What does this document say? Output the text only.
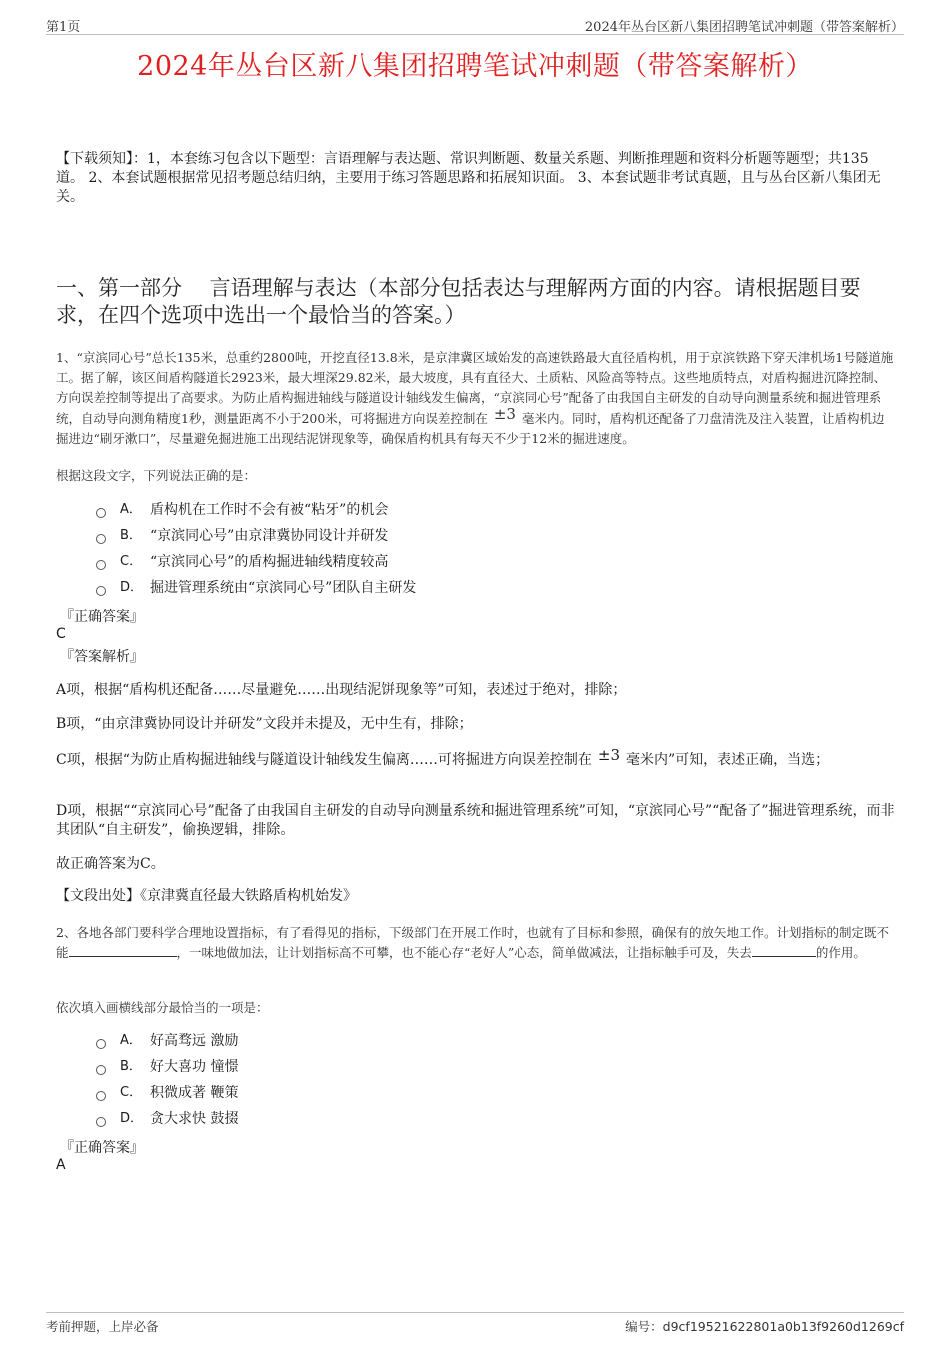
第1页	2024年丛台区新八集团招聘笔试冲刺题（带答案解析）
2024年丛台区新八集团招聘笔试冲刺题（带答案解析）
【下载须知】：1，本套练习包含以下题型：言语理解与表达题、常识判断题、数量关系题、判断推理题和资料分析题等题型；共135道。 2、本套试题根据常见招考题总结归纳，主要用于练习答题思路和拓展知识面。 3、本套试题非考试真题，且与丛台区新八集团无关。
一、第一部分　 言语理解与表达（本部分包括表达与理解两方面的内容。请根据题目要求，在四个选项中选出一个最恰当的答案。）
1、“京滨同心号”总长135米，总重约2800吨，开挖直径13.8米，是京津冀区域始发的高速铁路最大直径盾构机，用于京滨铁路下穿天津机场1号隧道施工。据了解，该区间盾构隧道长2923米，最大埋深29.82米，最大坡度，具有直径大、土质粘、风险高等特点。这些地质特点，对盾构掘进沉降控制、方向误差控制等提出了高要求。为防止盾构掘进轴线与隧道设计轴线发生偏离，“京滨同心号”配备了由我国自主研发的自动导向测量系统和掘进管理系统，自动导向测角精度1秒，测量距离不小于200米，可将掘进方向误差控制在 ±3 毫米内。同时，盾构机还配备了刀盘清洗及注入装置，让盾构机边掘进边“刷牙漱口”，尽量避免掘进施工出现结泥饼现象等，确保盾构机具有每天不少于12米的掘进速度。
根据这段文字，下列说法正确的是：
A． 盾构机在工作时不会有被“粘牙”的机会
B． “京滨同心号”由京津冀协同设计并研发
C． “京滨同心号”的盾构掘进轴线精度较高
D． 掘进管理系统由“京滨同心号”团队自主研发
『正确答案』
C
『答案解析』
A项，根据“盾构机还配备……尽量避免……出现结泥饼现象等”可知，表述过于绝对，排除；
B项，“由京津冀协同设计并研发”文段并未提及，无中生有，排除；
C项，根据“为防止盾构掘进轴线与隧道设计轴线发生偏离……可将掘进方向误差控制在 ±3 毫米内”可知，表述正确，当选；
D项，根据““京滨同心号”配备了由我国自主研发的自动导向测量系统和掘进管理系统”可知，“京滨同心号”“配备了”掘进管理系统，而非其团队“自主研发”，偷换逻辑，排除。
故正确答案为C。
【文段出处】《京津冀直径最大铁路盾构机始发》
2、各地各部门要科学合理地设置指标，有了看得见的指标，下级部门在开展工作时，也就有了目标和参照，确保有的放矢地工作。计划指标的制定既不能	，一味地做加法，让计划指标高不可攀，也不能心存“老好人”心态，简单做减法，让指标触手可及，失去	的作用。
依次填入画横线部分最恰当的一项是：
A． 好高骛远 激励
B． 好大喜功 憧憬
C． 积微成著 鞭策
D． 贪大求快 鼓掇
『正确答案』
A
考前押题，上岸必备	编号：d9cf19521622801a0b13f9260d1269cf
